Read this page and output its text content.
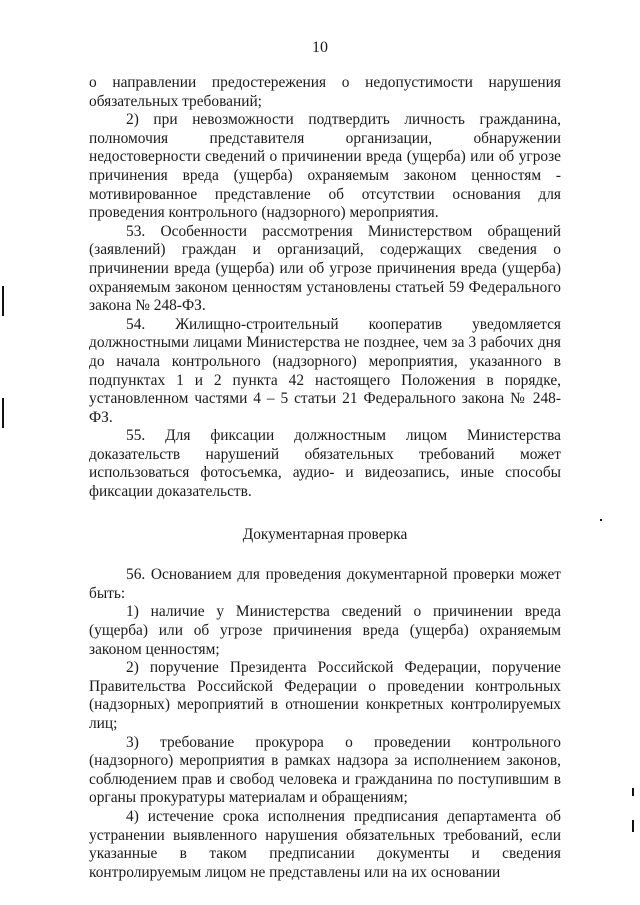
10

о направлении предостережения о недопустимости нарушения обязательных требований;

2) при невозможности подтвердить личность гражданина, полномочия представителя организации, обнаружении недостоверности сведений о причинении вреда (ущерба) или об угрозе причинения вреда (ущерба) охраняемым законом ценностям - мотивированное представление об отсутствии основания для проведения контрольного (надзорного) мероприятия.

53. Особенности рассмотрения Министерством обращений (заявлений) граждан и организаций, содержащих сведения о причинении вреда (ущерба) или об угрозе причинения вреда (ущерба) охраняемым законом ценностям установлены статьей 59 Федерального закона № 248-ФЗ.

54. Жилищно-строительный кооператив уведомляется должностными лицами Министерства не позднее, чем за 3 рабочих дня до начала контрольного (надзорного) мероприятия, указанного в подпунктах 1 и 2 пункта 42 настоящего Положения в порядке, установленном частями 4 – 5 статьи 21 Федерального закона № 248-ФЗ.

55. Для фиксации должностным лицом Министерства доказательств нарушений обязательных требований может использоваться фотосъемка, аудио- и видеозапись, иные способы фиксации доказательств.

Документарная проверка

56. Основанием для проведения документарной проверки может быть:

1) наличие у Министерства сведений о причинении вреда (ущерба) или об угрозе причинения вреда (ущерба) охраняемым законом ценностям;

2) поручение Президента Российской Федерации, поручение Правительства Российской Федерации о проведении контрольных (надзорных) мероприятий в отношении конкретных контролируемых лиц;

3) требование прокурора о проведении контрольного (надзорного) мероприятия в рамках надзора за исполнением законов, соблюдением прав и свобод человека и гражданина по поступившим в органы прокуратуры материалам и обращениям;

4) истечение срока исполнения предписания департамента об устранении выявленного нарушения обязательных требований, если указанные в таком предписании документы и сведения контролируемым лицом не представлены или на их основании
